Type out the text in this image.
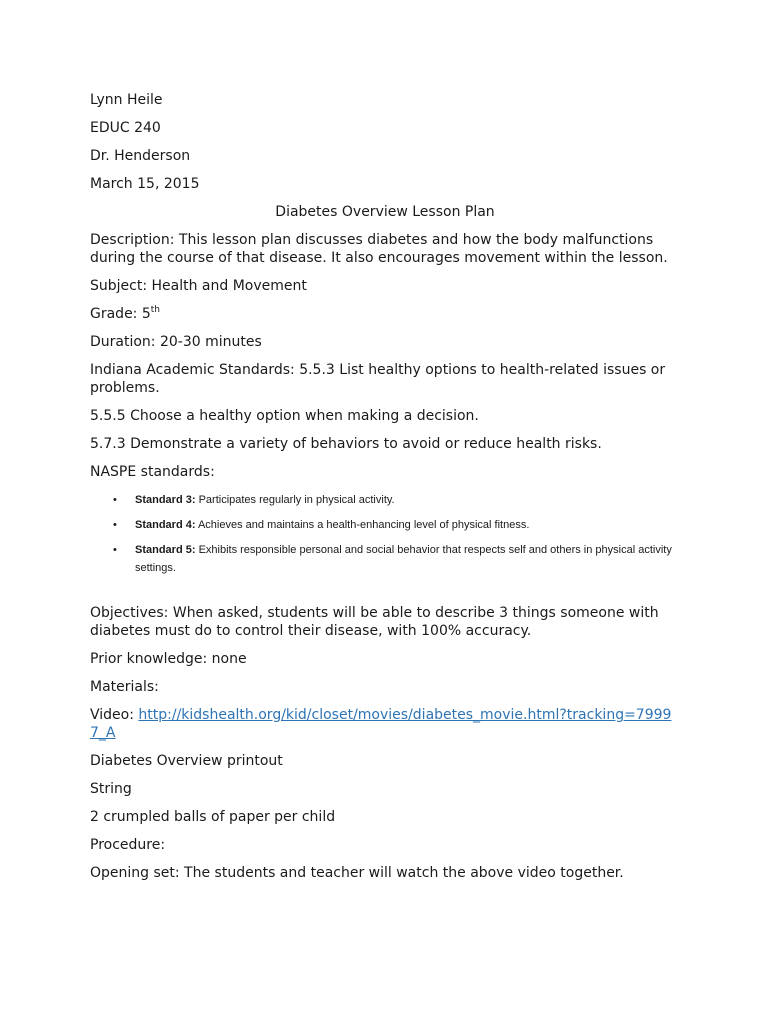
Lynn Heile
EDUC 240
Dr. Henderson
March 15, 2015
Diabetes Overview Lesson Plan
Description: This lesson plan discusses diabetes and how the body malfunctions during the course of that disease. It also encourages movement within the lesson.
Subject: Health and Movement
Grade: 5th
Duration: 20-30 minutes
Indiana Academic Standards: 5.5.3 List healthy options to health-related issues or problems.
5.5.5 Choose a healthy option when making a decision.
5.7.3 Demonstrate a variety of behaviors to avoid or reduce health risks.
NASPE standards:
• Standard 3: Participates regularly in physical activity.
• Standard 4: Achieves and maintains a health-enhancing level of physical fitness.
• Standard 5: Exhibits responsible personal and social behavior that respects self and others in physical activity settings.
Objectives: When asked, students will be able to describe 3 things someone with diabetes must do to control their disease, with 100% accuracy.
Prior knowledge: none
Materials:
Video: http://kidshealth.org/kid/closet/movies/diabetes_movie.html?tracking=79997_A
Diabetes Overview printout
String
2 crumpled balls of paper per child
Procedure:
Opening set: The students and teacher will watch the above video together.
